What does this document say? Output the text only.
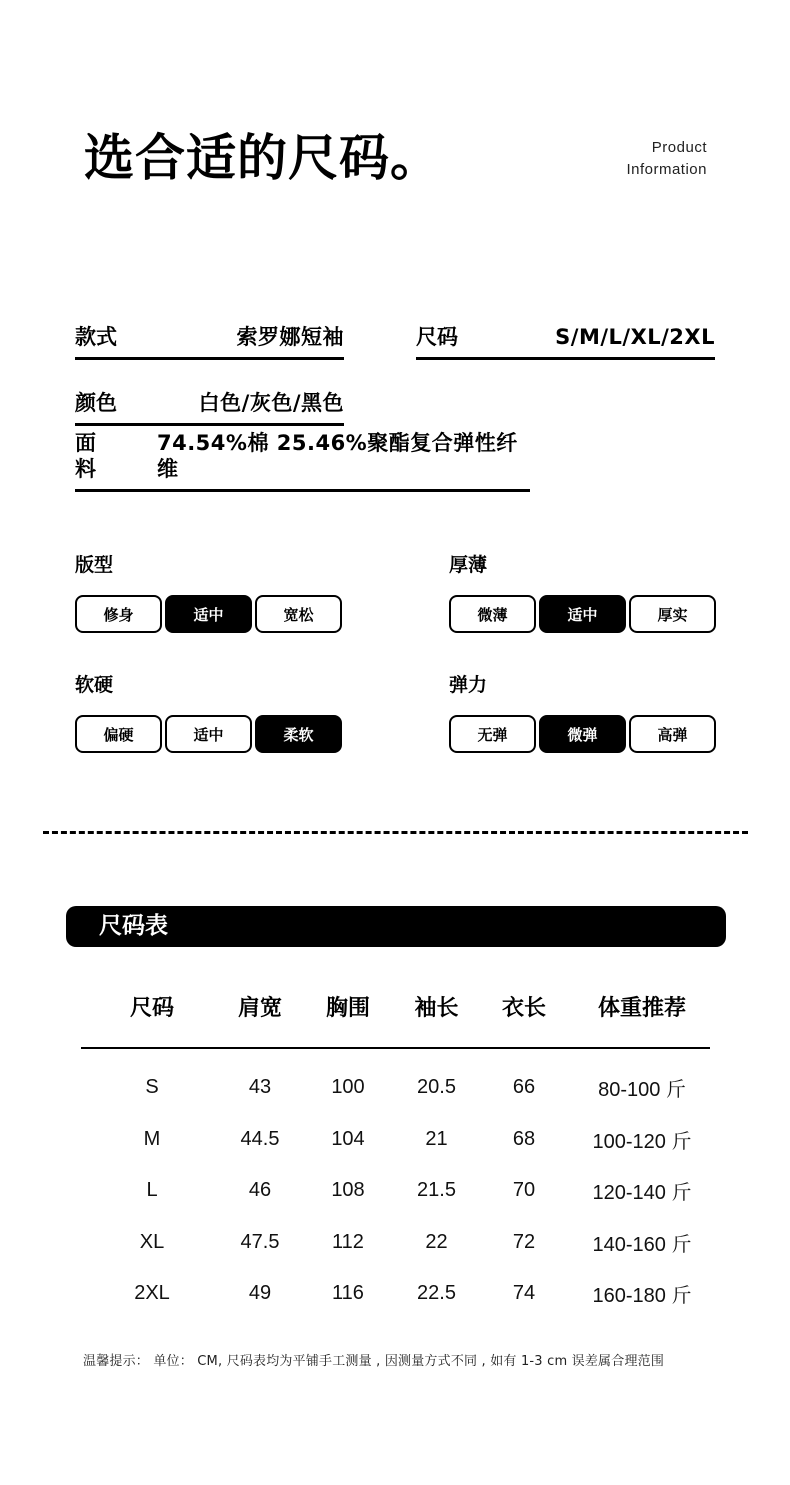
选合适的尺码。	Product
Information
款式	索罗娜短袖	尺码	S/M/L/XL/2XL
颜色	白色/灰色/黑色
面料
74.54%棉 25.46%聚酯复合弹性纤维
版型
修身	适中	宽松
厚薄
微薄	适中	厚实
软硬
偏硬	适中	柔软
弹力
无弹	微弹	高弹
尺码表
尺码	肩宽	胸围	袖长	衣长	体重推荐
S	43	100	20.5	66	80-100 斤
M	44.5	104	21	68	100-120 斤
L	46	108	21.5	70	120-140 斤
XL	47.5	112	22	72	140-160 斤
2XL	49	116	22.5	74	160-180 斤
温馨提示： 单位： CM, 尺码表均为平铺手工测量 , 因测量方式不同 , 如有 1-3 cm 误差属合理范围
